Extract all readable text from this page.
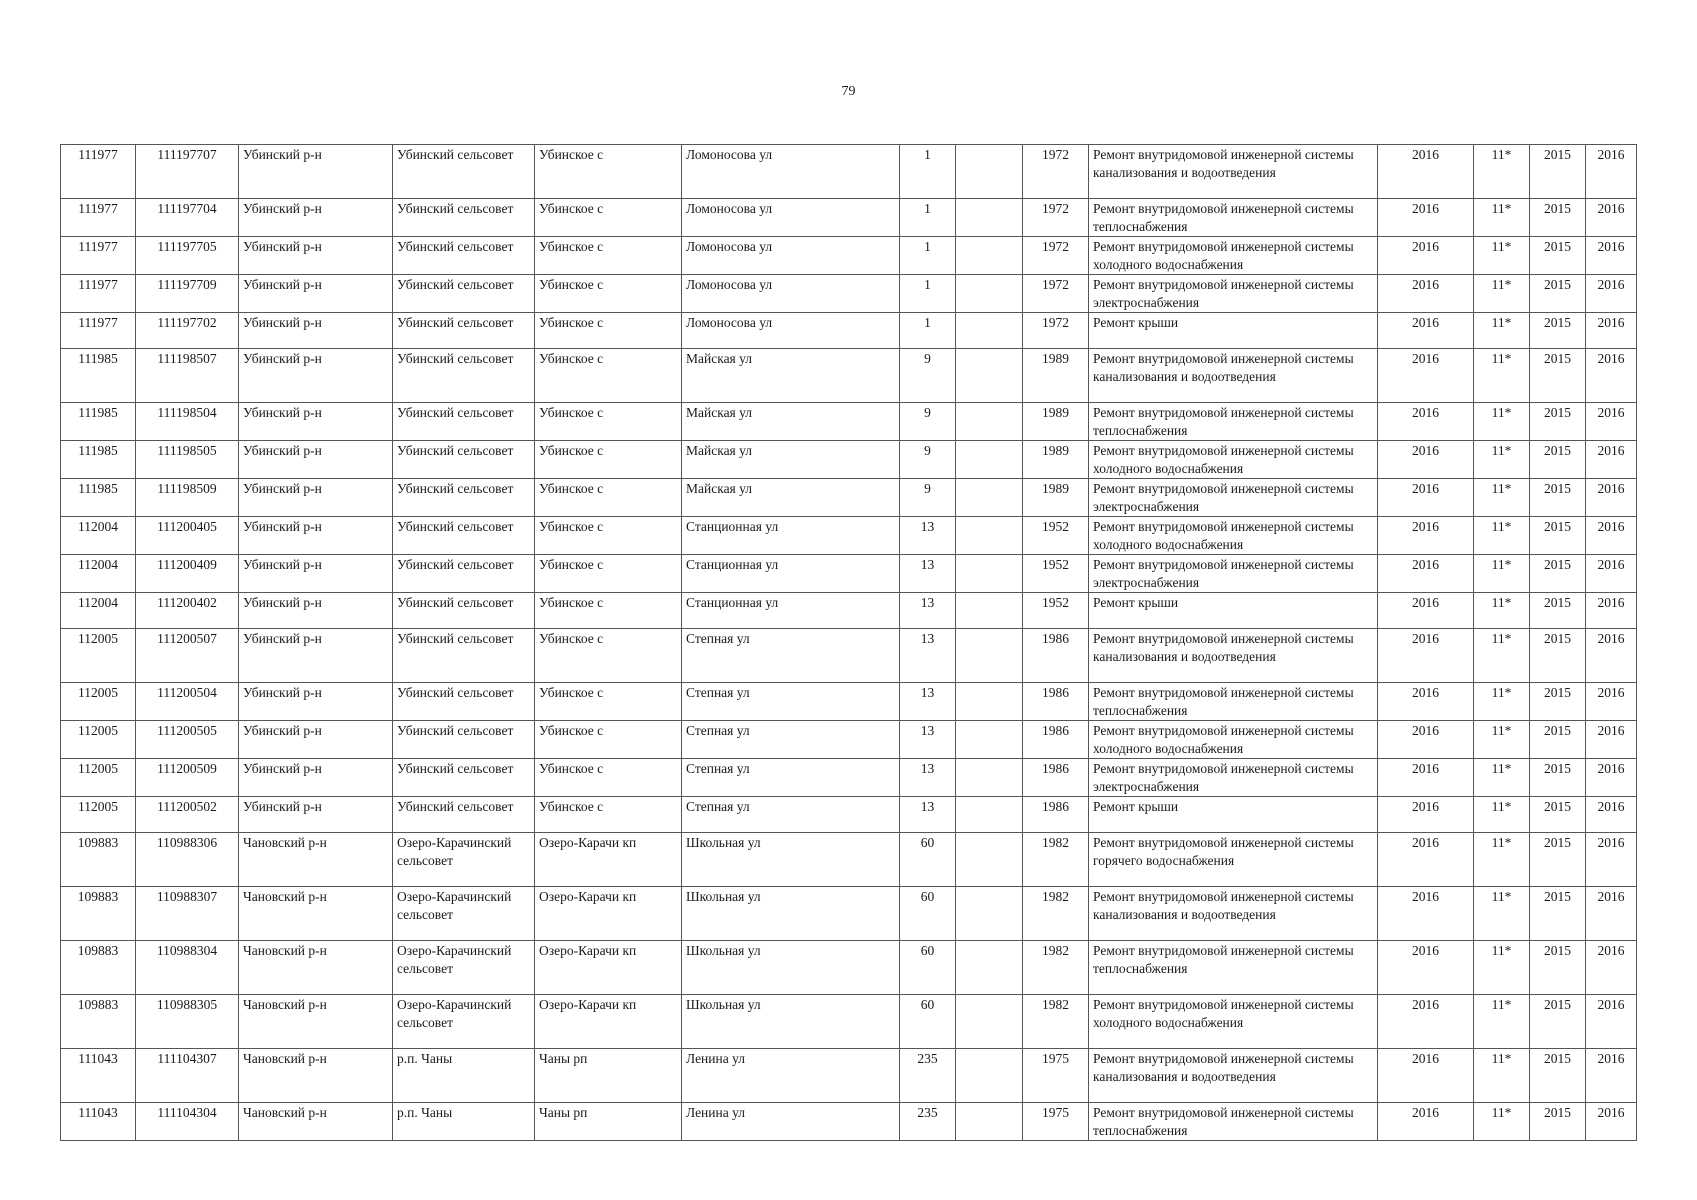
79
111977	111197707	Убинский р-н	Убинский сельсовет	Убинское с	Ломоносова ул	1		1972	Ремонт внутридомовой инженерной системы канализования и водоотведения	2016	11*	2015	2016
111977	111197704	Убинский р-н	Убинский сельсовет	Убинское с	Ломоносова ул	1		1972	Ремонт внутридомовой инженерной системы теплоснабжения	2016	11*	2015	2016
111977	111197705	Убинский р-н	Убинский сельсовет	Убинское с	Ломоносова ул	1		1972	Ремонт внутридомовой инженерной системы холодного водоснабжения	2016	11*	2015	2016
111977	111197709	Убинский р-н	Убинский сельсовет	Убинское с	Ломоносова ул	1		1972	Ремонт внутридомовой инженерной системы электроснабжения	2016	11*	2015	2016
111977	111197702	Убинский р-н	Убинский сельсовет	Убинское с	Ломоносова ул	1		1972	Ремонт крыши	2016	11*	2015	2016
111985	111198507	Убинский р-н	Убинский сельсовет	Убинское с	Майская ул	9		1989	Ремонт внутридомовой инженерной системы канализования и водоотведения	2016	11*	2015	2016
111985	111198504	Убинский р-н	Убинский сельсовет	Убинское с	Майская ул	9		1989	Ремонт внутридомовой инженерной системы теплоснабжения	2016	11*	2015	2016
111985	111198505	Убинский р-н	Убинский сельсовет	Убинское с	Майская ул	9		1989	Ремонт внутридомовой инженерной системы холодного водоснабжения	2016	11*	2015	2016
111985	111198509	Убинский р-н	Убинский сельсовет	Убинское с	Майская ул	9		1989	Ремонт внутридомовой инженерной системы электроснабжения	2016	11*	2015	2016
112004	111200405	Убинский р-н	Убинский сельсовет	Убинское с	Станционная ул	13		1952	Ремонт внутридомовой инженерной системы холодного водоснабжения	2016	11*	2015	2016
112004	111200409	Убинский р-н	Убинский сельсовет	Убинское с	Станционная ул	13		1952	Ремонт внутридомовой инженерной системы электроснабжения	2016	11*	2015	2016
112004	111200402	Убинский р-н	Убинский сельсовет	Убинское с	Станционная ул	13		1952	Ремонт крыши	2016	11*	2015	2016
112005	111200507	Убинский р-н	Убинский сельсовет	Убинское с	Степная ул	13		1986	Ремонт внутридомовой инженерной системы канализования и водоотведения	2016	11*	2015	2016
112005	111200504	Убинский р-н	Убинский сельсовет	Убинское с	Степная ул	13		1986	Ремонт внутридомовой инженерной системы теплоснабжения	2016	11*	2015	2016
112005	111200505	Убинский р-н	Убинский сельсовет	Убинское с	Степная ул	13		1986	Ремонт внутридомовой инженерной системы холодного водоснабжения	2016	11*	2015	2016
112005	111200509	Убинский р-н	Убинский сельсовет	Убинское с	Степная ул	13		1986	Ремонт внутридомовой инженерной системы электроснабжения	2016	11*	2015	2016
112005	111200502	Убинский р-н	Убинский сельсовет	Убинское с	Степная ул	13		1986	Ремонт крыши	2016	11*	2015	2016
109883	110988306	Чановский р-н	Озеро-Карачинский сельсовет	Озеро-Карачи кп	Школьная ул	60		1982	Ремонт внутридомовой инженерной системы горячего водоснабжения	2016	11*	2015	2016
109883	110988307	Чановский р-н	Озеро-Карачинский сельсовет	Озеро-Карачи кп	Школьная ул	60		1982	Ремонт внутридомовой инженерной системы канализования и водоотведения	2016	11*	2015	2016
109883	110988304	Чановский р-н	Озеро-Карачинский сельсовет	Озеро-Карачи кп	Школьная ул	60		1982	Ремонт внутридомовой инженерной системы теплоснабжения	2016	11*	2015	2016
109883	110988305	Чановский р-н	Озеро-Карачинский сельсовет	Озеро-Карачи кп	Школьная ул	60		1982	Ремонт внутридомовой инженерной системы холодного водоснабжения	2016	11*	2015	2016
111043	111104307	Чановский р-н	р.п. Чаны	Чаны рп	Ленина ул	235		1975	Ремонт внутридомовой инженерной системы канализования и водоотведения	2016	11*	2015	2016
111043	111104304	Чановский р-н	р.п. Чаны	Чаны рп	Ленина ул	235		1975	Ремонт внутридомовой инженерной системы теплоснабжения	2016	11*	2015	2016
